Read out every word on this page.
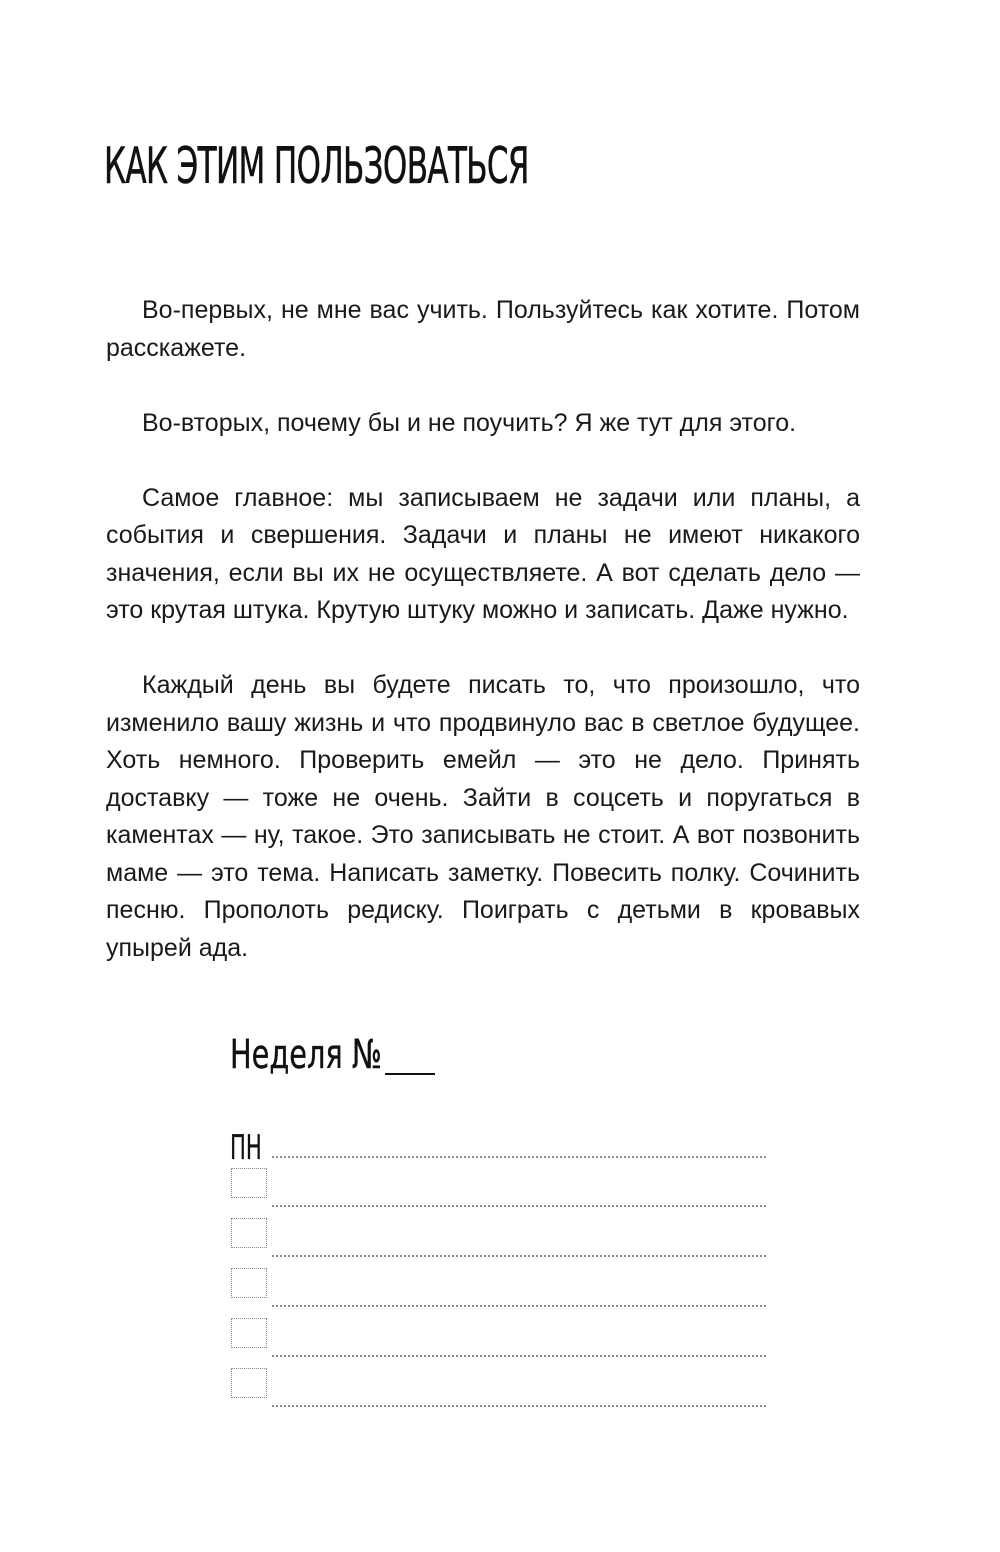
КАК ЭТИМ ПОЛЬЗОВАТЬСЯ

Во-первых, не мне вас учить. Пользуйтесь как хотите. Потом расскажете.

Во-вторых, почему бы и не поучить? Я же тут для этого.

Самое главное: мы записываем не задачи или планы, а события и свершения. Задачи и планы не имеют никакого значения, если вы их не осуществляете. А вот сделать дело — это крутая штука. Крутую штуку можно и записать. Даже нужно.

Каждый день вы будете писать то, что произошло, что изменило вашу жизнь и что продвинуло вас в светлое будущее. Хоть немного. Проверить емейл — это не дело. Принять доставку — тоже не очень. Зайти в соцсеть и поругаться в каментах — ну, такое. Это записывать не стоит. А вот позвонить маме — это тема. Написать заметку. Повесить полку. Сочинить песню. Прополоть редиску. Поиграть с детьми в кровавых упырей ада.

Неделя №
ПН
